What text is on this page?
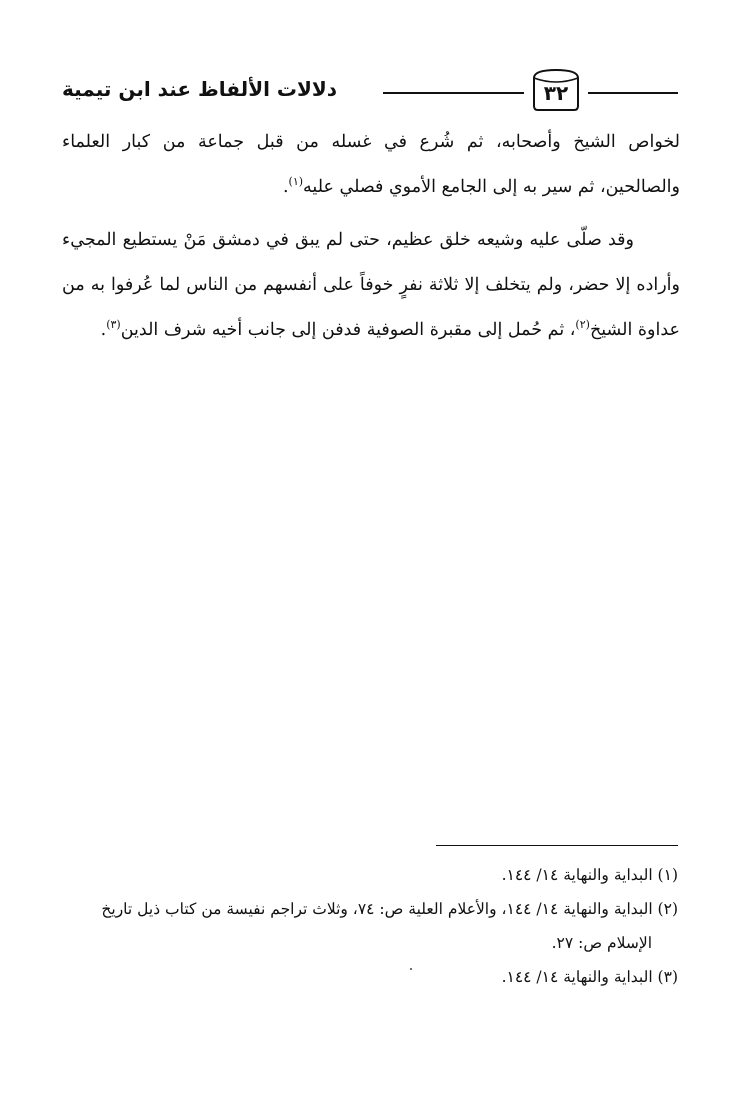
٣٢
دلالات الألفاظ عند ابن تيمية

لخواص الشيخ وأصحابه، ثم شُرع في غسله من قبل جماعة من كبار العلماء والصالحين، ثم سير به إلى الجامع الأموي فصلي عليه$^{(١)}$.

وقد صلّى عليه وشيعه خلق عظيم، حتى لم يبق في دمشق مَنْ يستطيع المجيء وأراده إلا حضر، ولم يتخلف إلا ثلاثة نفرٍ خوفاً على أنفسهم من الناس لما عُرفوا به من عداوة الشيخ$^{(٢)}$، ثم حُمل إلى مقبرة الصوفية فدفن إلى جانب أخيه شرف الدين$^{(٣)}$.

(١) البداية والنهاية ١٤/ ١٤٤.

(٢) البداية والنهاية ١٤/ ١٤٤، والأعلام العلية ص: ٧٤، وثلاث تراجم نفيسة من كتاب ذيل تاريخ

الإسلام ص: ٢٧.

(٣) البداية والنهاية ١٤/ ١٤٤.
